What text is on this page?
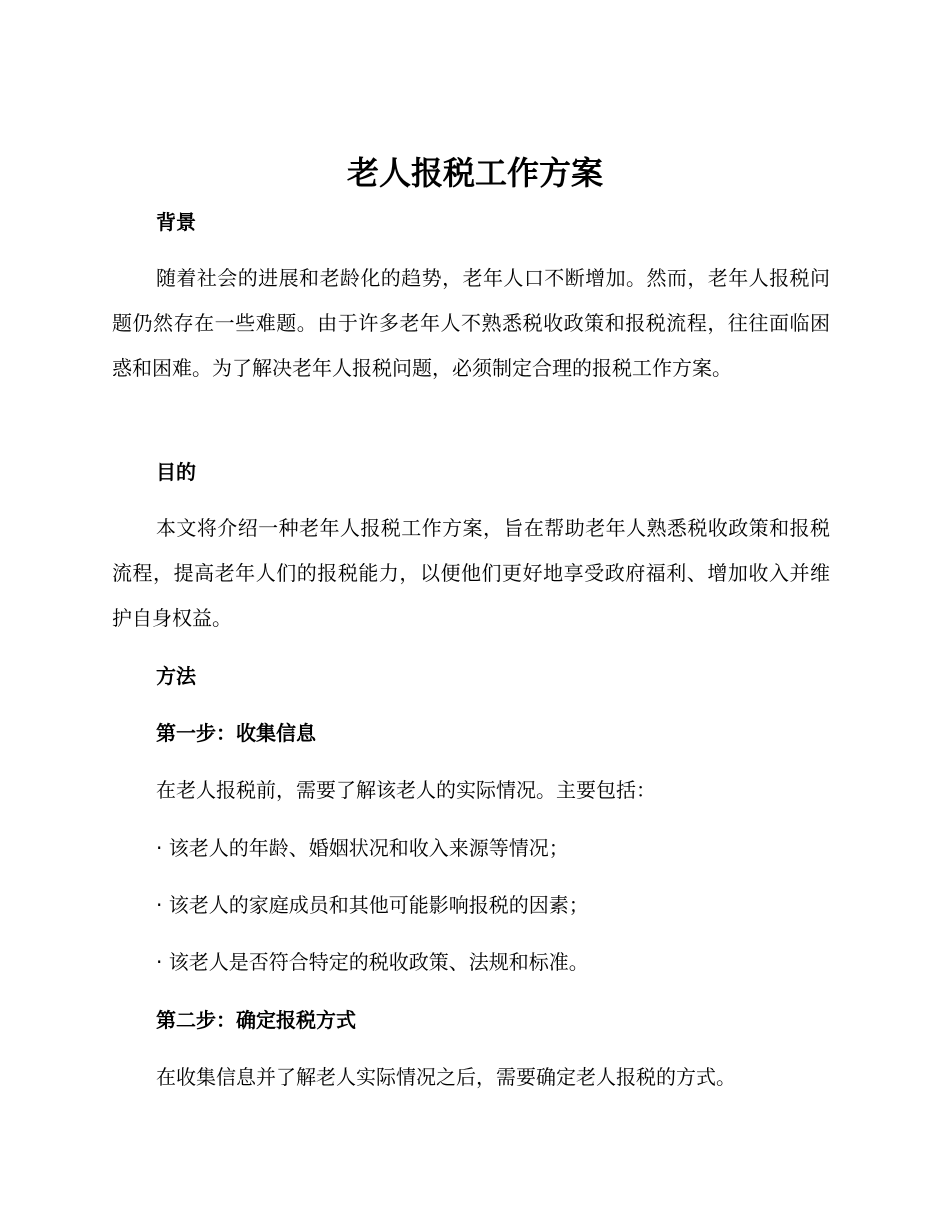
老人报税工作方案
背景

随着社会的进展和老龄化的趋势，老年人口不断增加。然而，老年人报税问题仍然存在一些难题。由于许多老年人不熟悉税收政策和报税流程，往往面临困惑和困难。为了解决老年人报税问题，必须制定合理的报税工作方案。

目的

本文将介绍一种老年人报税工作方案，旨在帮助老年人熟悉税收政策和报税流程，提高老年人们的报税能力，以便他们更好地享受政府福利、增加收入并维护自身权益。

方法
第一步：收集信息

在老人报税前，需要了解该老人的实际情况。主要包括：

· 该老人的年龄、婚姻状况和收入来源等情况；

· 该老人的家庭成员和其他可能影响报税的因素；

· 该老人是否符合特定的税收政策、法规和标准。

第二步：确定报税方式

在收集信息并了解老人实际情况之后，需要确定老人报税的方式。
